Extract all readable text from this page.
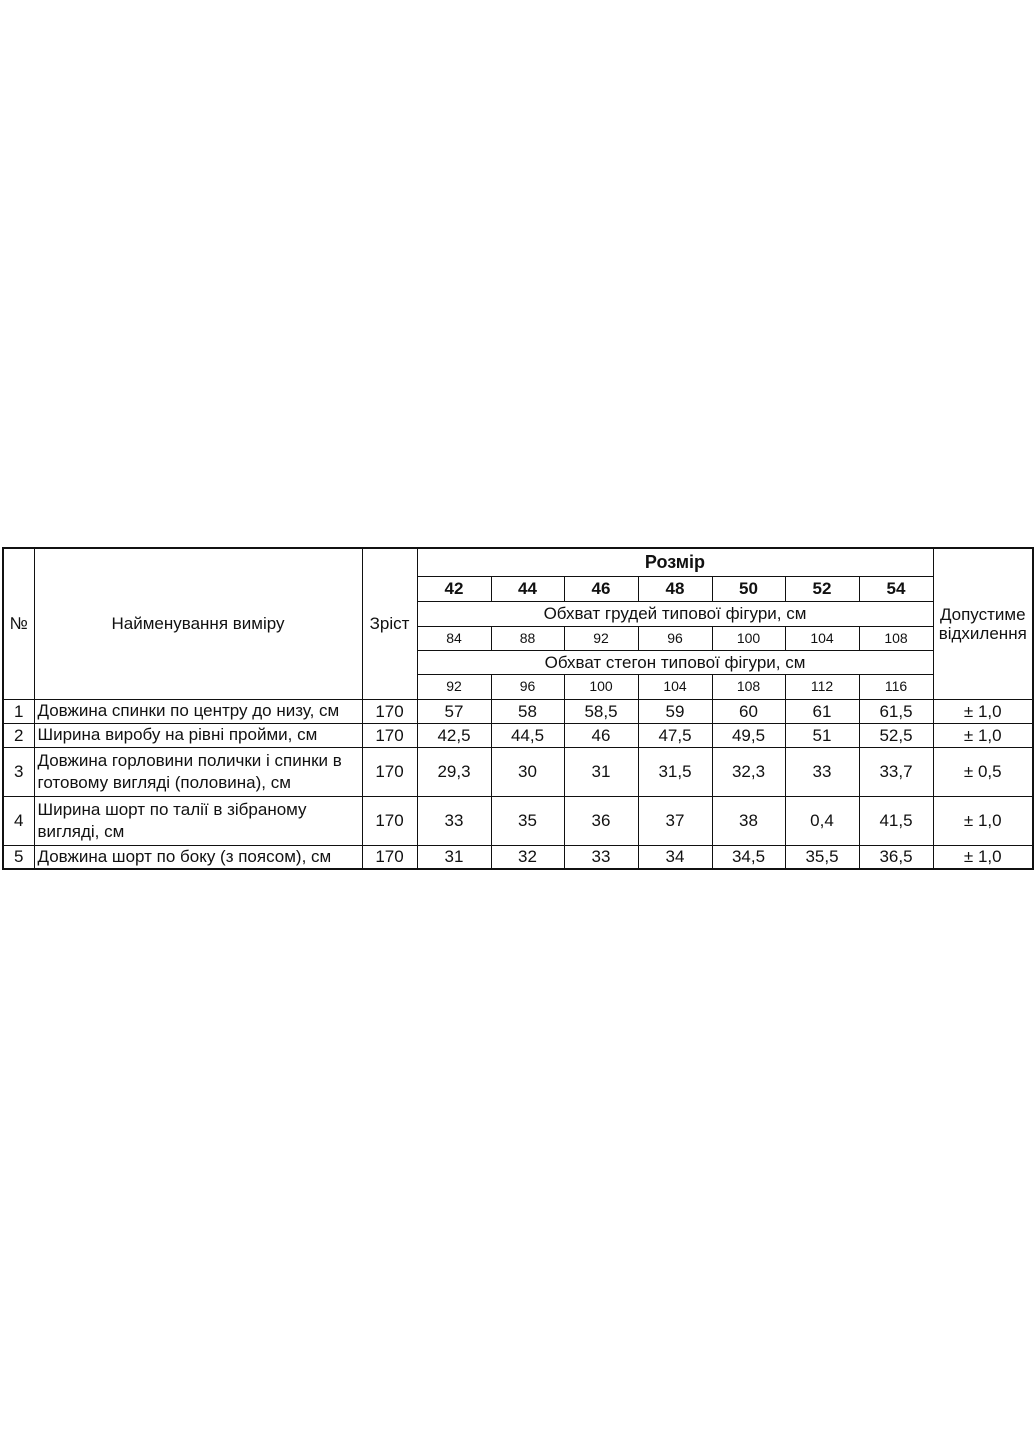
№	Найменування виміру	Зріст	Розмір							Допустиме відхилення
			42	44	46	48	50	52	54	
			Обхват грудей типової фігури, см							
			84	88	92	96	100	104	108	
			Обхват стегон типової фігури, см							
			92	96	100	104	108	112	116	
1	Довжина спинки по центру до низу, см	170	57	58	58,5	59	60	61	61,5	± 1,0
2	Ширина виробу на рівні пройми, см	170	42,5	44,5	46	47,5	49,5	51	52,5	± 1,0
3	Довжина горловини полички і спинки в готовому вигляді (половина), см	170	29,3	30	31	31,5	32,3	33	33,7	± 0,5
4	Ширина шорт по талії в зібраному вигляді, см	170	33	35	36	37	38	0,4	41,5	± 1,0
5	Довжина шорт по боку (з поясом), см	170	31	32	33	34	34,5	35,5	36,5	± 1,0
